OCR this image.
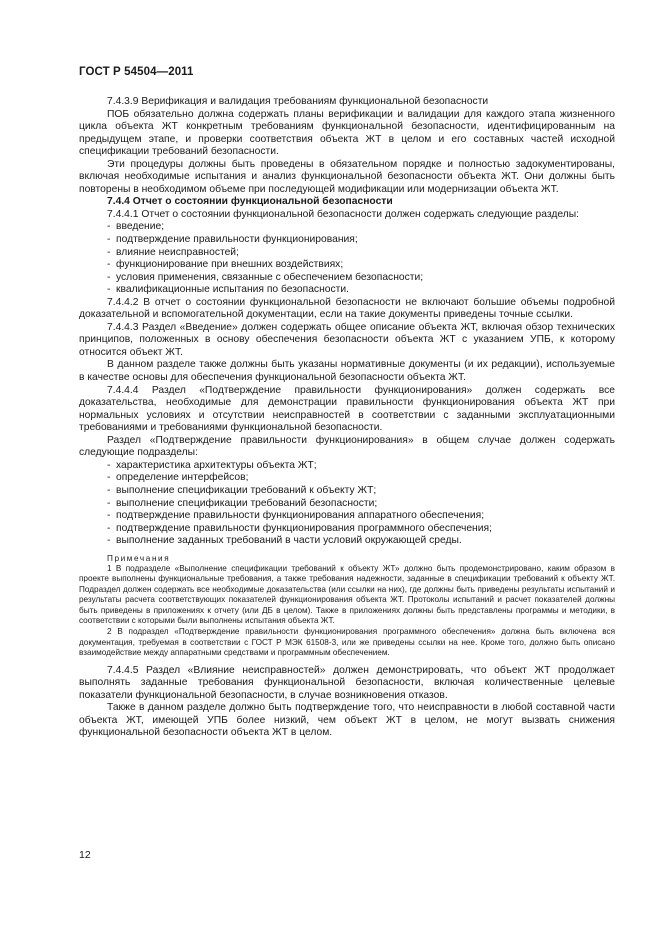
ГОСТ Р 54504—2011

7.4.3.9 Верификация и валидация требованиям функциональной безопасности

ПОБ обязательно должна содержать планы верификации и валидации для каждого этапа жизненного цикла объекта ЖТ конкретным требованиям функциональной безопасности, идентифицированным на предыдущем этапе, и проверки соответствия объекта ЖТ в целом и его составных частей исходной спецификации требований безопасности.

Эти процедуры должны быть проведены в обязательном порядке и полностью задокументированы, включая необходимые испытания и анализ функциональной безопасности объекта ЖТ. Они должны быть повторены в необходимом объеме при последующей модификации или модернизации объекта ЖТ.

7.4.4 Отчет о состоянии функциональной безопасности

7.4.4.1 Отчет о состоянии функциональной безопасности должен содержать следующие разделы:

- введение;

- подтверждение правильности функционирования;

- влияние неисправностей;

- функционирование при внешних воздействиях;

- условия применения, связанные с обеспечением безопасности;

- квалификационные испытания по безопасности.

7.4.4.2 В отчет о состоянии функциональной безопасности не включают большие объемы подробной доказательной и вспомогательной документации, если на такие документы приведены точные ссылки.

7.4.4.3 Раздел «Введение» должен содержать общее описание объекта ЖТ, включая обзор технических принципов, положенных в основу обеспечения безопасности объекта ЖТ с указанием УПБ, к которому относится объект ЖТ.

В данном разделе также должны быть указаны нормативные документы (и их редакции), используемые в качестве основы для обеспечения функциональной безопасности объекта ЖТ.

7.4.4.4 Раздел «Подтверждение правильности функционирования» должен содержать все доказательства, необходимые для демонстрации правильности функционирования объекта ЖТ при нормальных условиях и отсутствии неисправностей в соответствии с заданными эксплуатационными требованиями и требованиями функциональной безопасности.

Раздел «Подтверждение правильности функционирования» в общем случае должен содержать следующие подразделы:

- характеристика архитектуры объекта ЖТ;

- определение интерфейсов;

- выполнение спецификации требований к объекту ЖТ;

- выполнение спецификации требований безопасности;

- подтверждение правильности функционирования аппаратного обеспечения;

- подтверждение правильности функционирования программного обеспечения;

- выполнение заданных требований в части условий окружающей среды.

Примечания

1 В подразделе «Выполнение спецификации требований к объекту ЖТ» должно быть продемонстрировано, каким образом в проекте выполнены функциональные требования, а также требования надежности, заданные в спецификации требований к объекту ЖТ. Подраздел должен содержать все необходимые доказательства (или ссылки на них), где должны быть приведены результаты испытаний и результаты расчета соответствующих показателей функционирования объекта ЖТ. Протоколы испытаний и расчет показателей должны быть приведены в приложениях к отчету (или ДБ в целом). Также в приложениях должны быть представлены программы и методики, в соответствии с которыми были выполнены испытания объекта ЖТ.

2 В подраздел «Подтверждение правильности функционирования программного обеспечения» должна быть включена вся документация, требуемая в соответствии с ГОСТ Р МЭК 61508-3, или же приведены ссылки на нее. Кроме того, должно быть описано взаимодействие между аппаратными средствами и программным обеспечением.

7.4.4.5 Раздел «Влияние неисправностей» должен демонстрировать, что объект ЖТ продолжает выполнять заданные требования функциональной безопасности, включая количественные целевые показатели функциональной безопасности, в случае возникновения отказов.

Также в данном разделе должно быть подтверждение того, что неисправности в любой составной части объекта ЖТ, имеющей УПБ более низкий, чем объект ЖТ в целом, не могут вызвать снижения функциональной безопасности объекта ЖТ в целом.

12
